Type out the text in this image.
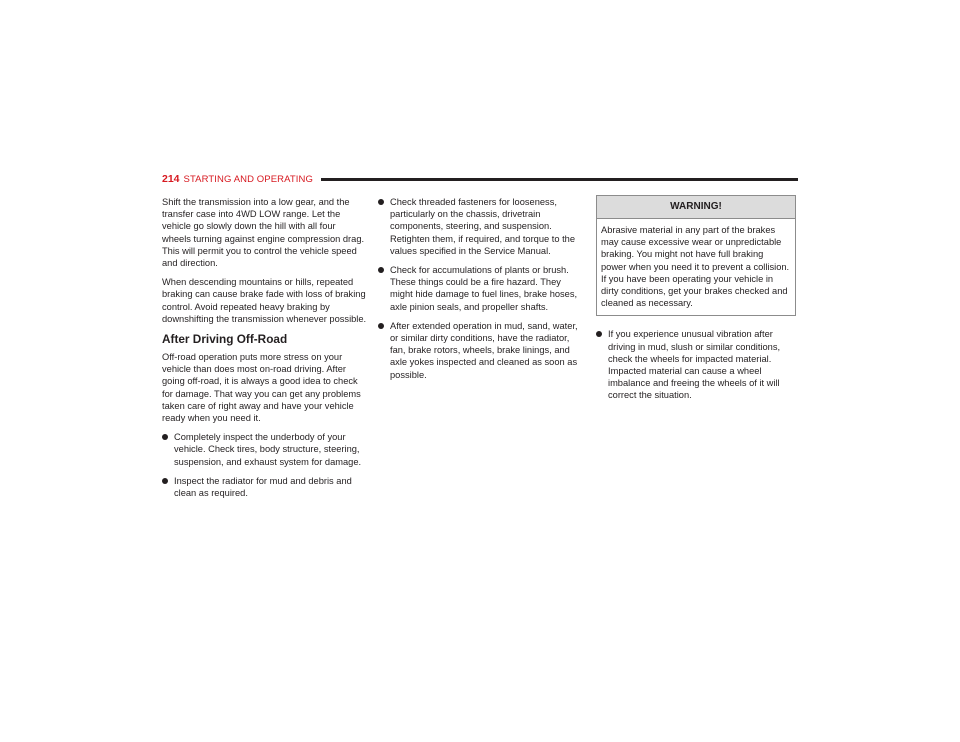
214 STARTING AND OPERATING

Shift the transmission into a low gear, and the transfer case into 4WD LOW range. Let the vehicle go slowly down the hill with all four wheels turning against engine compression drag. This will permit you to control the vehicle speed and direction.

When descending mountains or hills, repeated braking can cause brake fade with loss of braking control. Avoid repeated heavy braking by downshifting the transmission whenever possible.

After Driving Off-Road

Off-road operation puts more stress on your vehicle than does most on-road driving. After going off-road, it is always a good idea to check for damage. That way you can get any problems taken care of right away and have your vehicle ready when you need it.

Completely inspect the underbody of your vehicle. Check tires, body structure, steering, suspension, and exhaust system for damage.
Inspect the radiator for mud and debris and clean as required.
Check threaded fasteners for looseness, particularly on the chassis, drivetrain components, steering, and suspension. Retighten them, if required, and torque to the values specified in the Service Manual.
Check for accumulations of plants or brush. These things could be a fire hazard. They might hide damage to fuel lines, brake hoses, axle pinion seals, and propeller shafts.
After extended operation in mud, sand, water, or similar dirty conditions, have the radiator, fan, brake rotors, wheels, brake linings, and axle yokes inspected and cleaned as soon as possible.
WARNING!
Abrasive material in any part of the brakes may cause excessive wear or unpredictable braking. You might not have full braking power when you need it to prevent a collision. If you have been operating your vehicle in dirty conditions, get your brakes checked and cleaned as necessary.
If you experience unusual vibration after driving in mud, slush or similar conditions, check the wheels for impacted material. Impacted material can cause a wheel imbalance and freeing the wheels of it will correct the situation.
